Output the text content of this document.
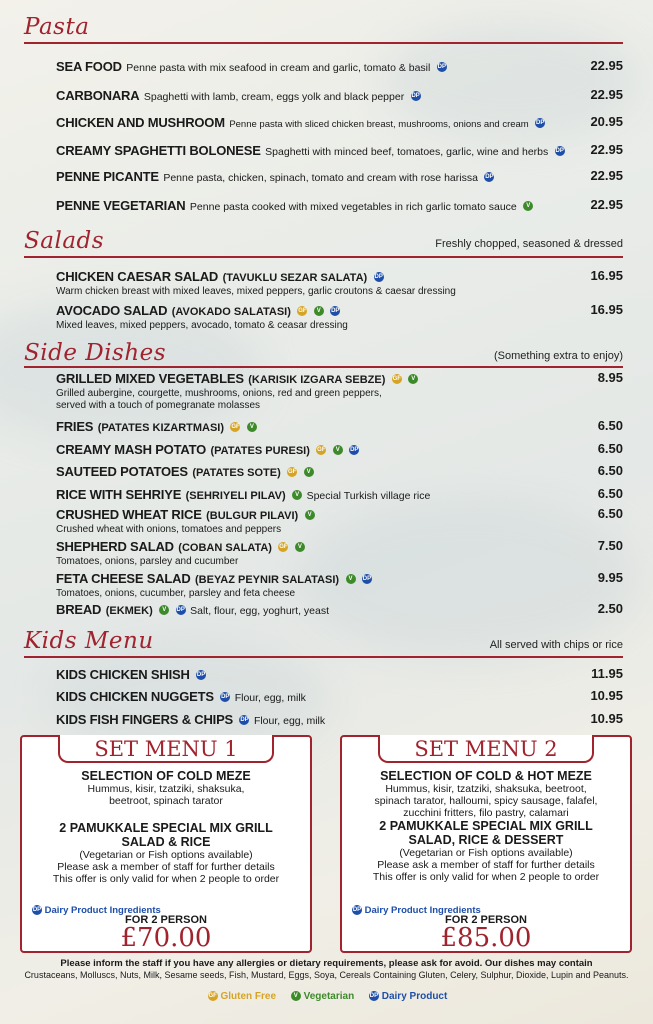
Pasta
SEA FOOD Penne pasta with mix seafood in cream and garlic, tomato & basil DP	22.95
CARBONARA Spaghetti with lamb, cream, eggs yolk and black pepper DP	22.95
CHICKEN AND MUSHROOM Penne pasta with sliced chicken breast, mushrooms, onions and cream DP	20.95
CREAMY SPAGHETTI BOLONESE Spaghetti with minced beef, tomatoes, garlic, wine and herbs DP 22.95
PENNE PICANTE Penne pasta, chicken, spinach, tomato and cream with rose harissa DP	22.95
PENNE VEGETARIAN Penne pasta cooked with mixed vegetables in rich garlic tomato sauce V	22.95
Salads	Freshly chopped, seasoned & dressed
CHICKEN CAESAR SALAD (TAVUKLU SEZAR SALATA) DP
Warm chicken breast with mixed leaves, mixed peppers, garlic croutons & caesar dressing
16.95
AVOCADO SALAD (AVOKADO SALATASI) GF V DP
Mixed leaves, mixed peppers, avocado, tomato & ceasar dressing
16.95
Side Dishes	(Something extra to enjoy)
GRILLED MIXED VEGETABLES (KARISIK IZGARA SEBZE) GF V
Grilled aubergine, courgette, mushrooms, onions, red and green peppers,
served with a touch of pomegranate molasses
8.95
FRIES (PATATES KIZARTMASI) GF V	6.50
CREAMY MASH POTATO (PATATES PURESI) GF V DP	6.50
SAUTEED POTATOES (PATATES SOTE) GF V	6.50
RICE WITH SEHRIYE (SEHRIYELI PILAV) V Special Turkish village rice	6.50
CRUSHED WHEAT RICE (BULGUR PILAVI) V
Crushed wheat with onions, tomatoes and peppers
6.50
SHEPHERD SALAD (COBAN SALATA) GF V
Tomatoes, onions, parsley and cucumber
7.50
FETA CHEESE SALAD (BEYAZ PEYNIR SALATASI) V DP
Tomatoes, onions, cucumber, parsley and feta cheese
9.95
BREAD (EKMEK) V DP Salt, flour, egg, yoghurt, yeast	2.50
Kids Menu	All served with chips or rice
KIDS CHICKEN SHISH DP	11.95
KIDS CHICKEN NUGGETS DP Flour, egg, milk	10.95
KIDS FISH FINGERS & CHIPS DP Flour, egg, milk	10.95
SET MENU 1
SELECTION OF COLD MEZE
Hummus, kisir, tzatziki, shaksuka,
beetroot, spinach tarator
2 PAMUKKALE SPECIAL MIX GRILL
SALAD & RICE
(Vegetarian or Fish options available)
Please ask a member of staff for further details
This offer is only valid for when 2 people to order
DP Dairy Product Ingredients
FOR 2 PERSON
£70.00
SET MENU 2
SELECTION OF COLD & HOT MEZE
Hummus, kisir, tzatziki, shaksuka, beetroot,
spinach tarator, halloumi, spicy sausage, falafel,
zucchini fritters, filo pastry, calamari
2 PAMUKKALE SPECIAL MIX GRILL
SALAD, RICE & DESSERT
(Vegetarian or Fish options available)
Please ask a member of staff for further details
This offer is only valid for when 2 people to order
DP Dairy Product Ingredients
FOR 2 PERSON
£85.00
Please inform the staff if you have any allergies or dietary requirements, please ask for avoid. Our dishes may contain
Crustaceans, Molluscs, Nuts, Milk, Sesame seeds, Fish, Mustard, Eggs, Soya, Cereals Containing Gluten, Celery, Sulphur, Dioxide, Lupin and Peanuts.
GF Gluten Free	V Vegetarian	DP Dairy Product
